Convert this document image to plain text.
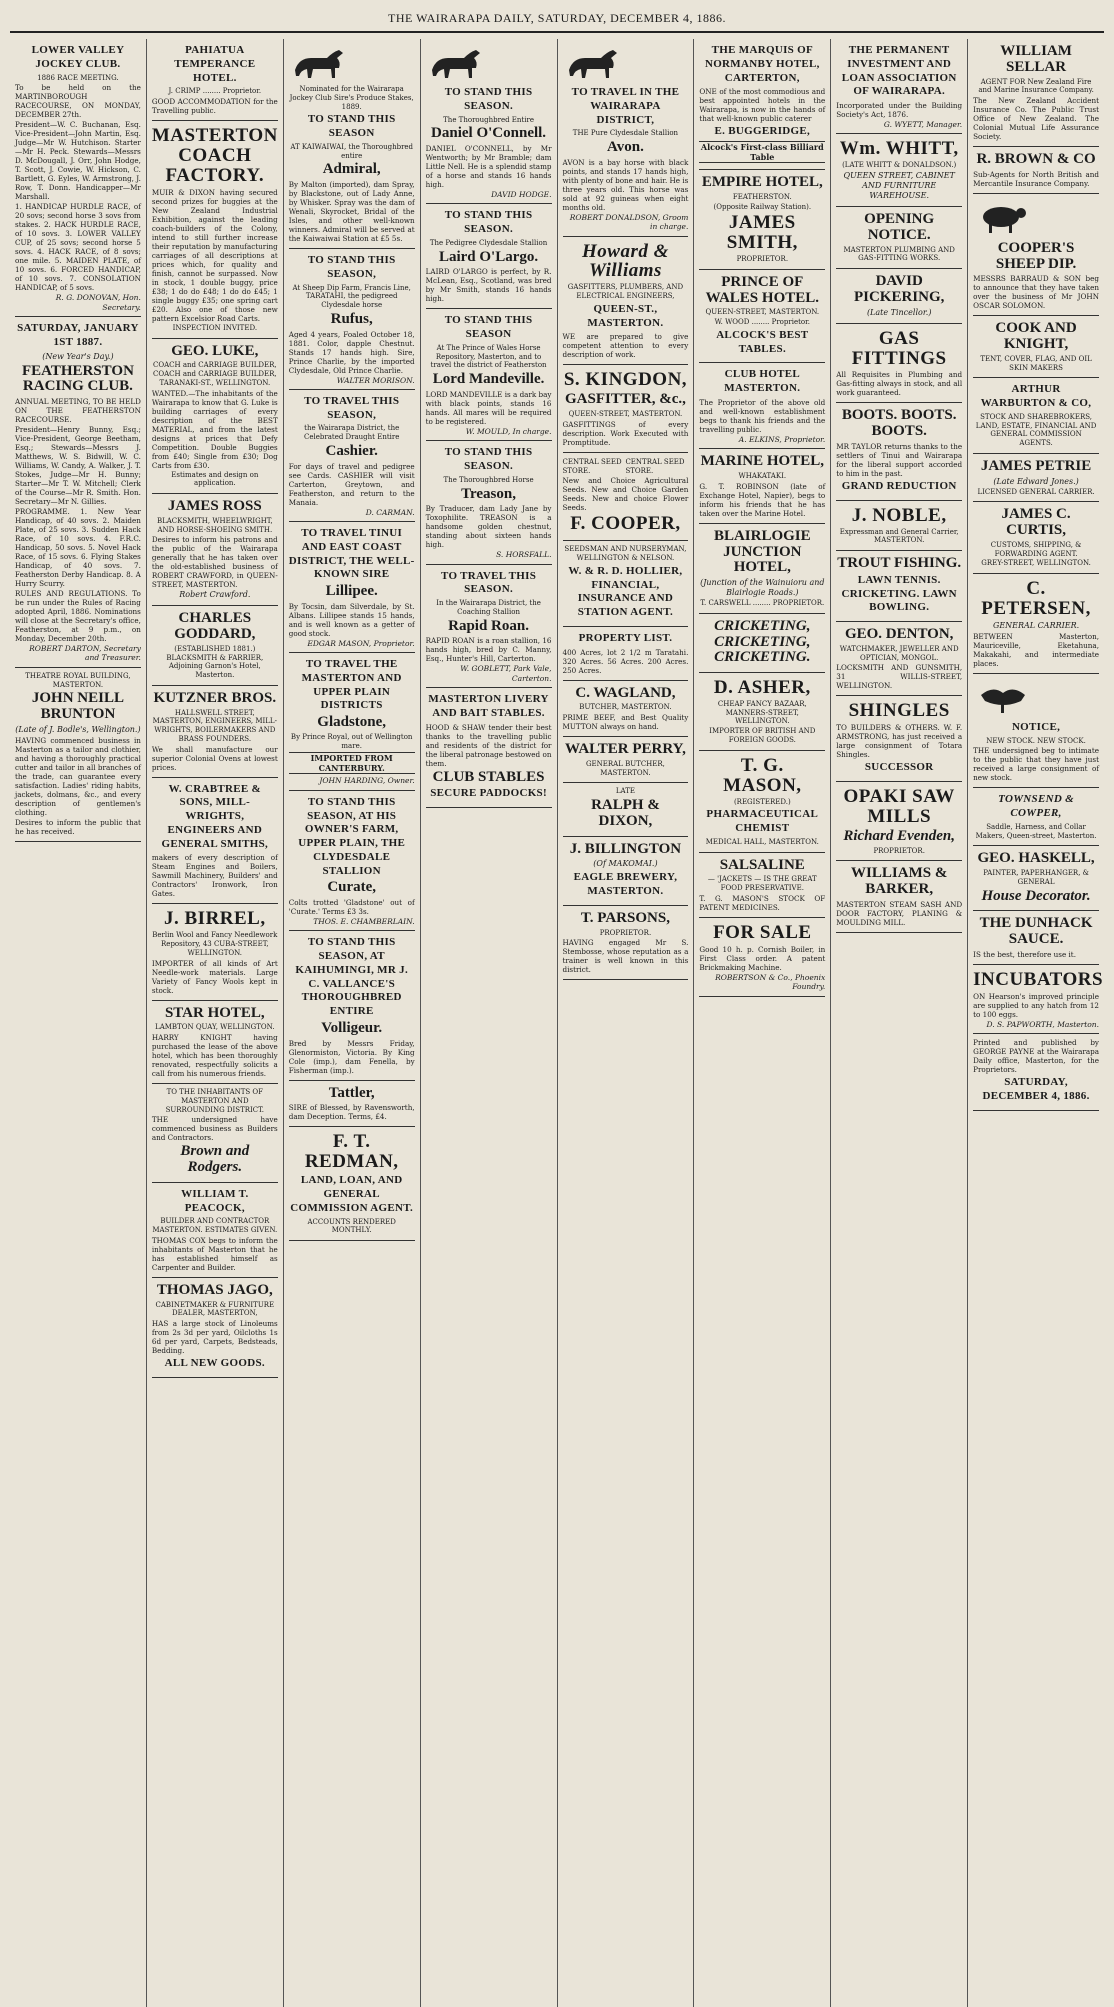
THE WAIRARAPA DAILY, SATURDAY, DECEMBER 4, 1886.
LOWER VALLEY JOCKEY CLUB.
1886 RACE MEETING.

To be held on the MARTINBOROUGH RACECOURSE, ON MONDAY, DECEMBER 27th.

President—W. C. Buchanan, Esq. Vice-President—John Martin, Esq. Judge—Mr W. Hutchison. Starter—Mr H. Peck. Stewards—Messrs D. McDougall, J. Orr, John Hodge, T. Scott, J. Cowie, W. Hickson, C. Bartlett, G. Eyles, W. Armstrong, J. Row, T. Donn. Handicapper—Mr Marshall.

1. HANDICAP HURDLE RACE, of 20 sovs; second horse 3 sovs from stakes. 2. HACK HURDLE RACE, of 10 sovs. 3. LOWER VALLEY CUP, of 25 sovs; second horse 5 sovs. 4. HACK RACE, of 8 sovs; one mile. 5. MAIDEN PLATE, of 10 sovs. 6. FORCED HANDICAP, of 10 sovs. 7. CONSOLATION HANDICAP, of 5 sovs.

R. G. DONOVAN, Hon. Secretary.
SATURDAY, JANUARY 1ST 1887.
(New Year's Day.)
FEATHERSTON RACING CLUB.

ANNUAL MEETING, TO BE HELD ON THE FEATHERSTON RACECOURSE.

President—Henry Bunny, Esq.; Vice-President, George Beetham, Esq.; Stewards—Messrs J. Matthews, W. S. Bidwill, W. C. Williams, W. Candy, A. Walker, J. T. Stokes, Judge—Mr H. Bunny; Starter—Mr T. W. Mitchell; Clerk of the Course—Mr R. Smith. Hon. Secretary—Mr N. Gillies.

PROGRAMME. 1. New Year Handicap, of 40 sovs. 2. Maiden Plate, of 25 sovs. 3. Sudden Hack Race, of 10 sovs. 4. F.R.C. Handicap, 50 sovs. 5. Novel Hack Race, of 15 sovs. 6. Flying Stakes Handicap, of 40 sovs. 7. Featherston Derby Handicap. 8. A Hurry Scurry.

RULES AND REGULATIONS. To be run under the Rules of Racing adopted April, 1886. Nominations will close at the Secretary's office, Featherston, at 9 p.m., on Monday, December 20th.

ROBERT DARTON, Secretary and Treasurer.
THEATRE ROYAL BUILDING, MASTERTON.
JOHN NEILL BRUNTON
(Late of J. Bodle's, Wellington.)

HAVING commenced business in Masterton as a tailor and clothier, and having a thoroughly practical cutter and tailor in all branches of the trade, can guarantee every satisfaction. Ladies' riding habits, jackets, dolmans, &c., and every description of gentlemen's clothing.

Desires to inform the public that he has received.

PAHIATUA TEMPERANCE HOTEL.
J. CRIMP ........ Proprietor.

GOOD ACCOMMODATION for the Travelling public.

MASTERTON COACH FACTORY.

MUIR & DIXON having secured second prizes for buggies at the New Zealand Industrial Exhibition, against the leading coach-builders of the Colony, intend to still further increase their reputation by manufacturing carriages of all descriptions at prices which, for quality and finish, cannot be surpassed. Now in stock, 1 double buggy, price £38; 1 do do £48; 1 do do £45; 1 single buggy £35; one spring cart £20. Also one of those new pattern Excelsior Road Carts.

INSPECTION INVITED.
GEO. LUKE,
COACH and CARRIAGE BUILDER, COACH and CARRIAGE BUILDER, TARANAKI-ST., WELLINGTON.

WANTED.—The inhabitants of the Wairarapa to know that G. Luke is building carriages of every description of the BEST MATERIAL, and from the latest designs at prices that Defy Competition. Double Buggies from £40; Single from £30; Dog Carts from £30.

Estimates and design on application.
JAMES ROSS
BLACKSMITH, WHEELWRIGHT, AND HORSE-SHOEING SMITH.

Desires to inform his patrons and the public of the Wairarapa generally that he has taken over the old-established business of ROBERT CRAWFORD, in QUEEN-STREET, MASTERTON.

Robert Crawford.
CHARLES GODDARD,
(ESTABLISHED 1881.) BLACKSMITH & FARRIER, Adjoining Garnon's Hotel, Masterton.
KUTZNER BROS.
HALLSWELL STREET, MASTERTON, ENGINEERS, MILL-WRIGHTS, BOILERMAKERS AND BRASS FOUNDERS.

We shall manufacture our superior Colonial Ovens at lowest prices.

W. CRABTREE & SONS, MILL-WRIGHTS, ENGINEERS AND GENERAL SMITHS,

makers of every description of Steam Engines and Boilers, Sawmill Machinery, Builders' and Contractors' Ironwork, Iron Gates.

J. BIRREL,
Berlin Wool and Fancy Needlework Repository, 43 CUBA-STREET, WELLINGTON.

IMPORTER of all kinds of Art Needle-work materials. Large Variety of Fancy Wools kept in stock.

STAR HOTEL,
LAMBTON QUAY, WELLINGTON.

HARRY KNIGHT having purchased the lease of the above hotel, which has been thoroughly renovated, respectfully solicits a call from his numerous friends.

TO THE INHABITANTS OF MASTERTON AND SURROUNDING DISTRICT.

THE undersigned have commenced business as Builders and Contractors.

Brown and Rodgers.
WILLIAM T. PEACOCK,
BUILDER AND CONTRACTOR MASTERTON. ESTIMATES GIVEN.

THOMAS COX begs to inform the inhabitants of Masterton that he has established himself as Carpenter and Builder.

THOMAS JAGO,
CABINETMAKER & FURNITURE DEALER, MASTERTON,

HAS a large stock of Linoleums from 2s 3d per yard, Oilcloths 1s 6d per yard, Carpets, Bedsteads, Bedding.

ALL NEW GOODS.
Nominated for the Wairarapa Jockey Club Sire's Produce Stakes, 1889.
TO STAND THIS SEASON
AT KAIWAIWAI, the Thoroughbred entire
Admiral,

By Malton (imported), dam Spray, by Blackstone, out of Lady Anne, by Whisker. Spray was the dam of Wenali, Skyrocket, Bridal of the Isles, and other well-known winners. Admiral will be served at the Kaiwaiwai Station at £5 5s.

TO STAND THIS SEASON,
At Sheep Dip Farm, Francis Line, TARATAHI, the pedigreed Clydesdale horse
Rufus,

Aged 4 years, Foaled October 18, 1881. Color, dapple Chestnut. Stands 17 hands high. Sire, Prince Charlie, by the imported Clydesdale, Old Prince Charlie.

WALTER MORISON.
TO TRAVEL THIS SEASON,
the Wairarapa District, the Celebrated Draught Entire
Cashier.

For days of travel and pedigree see Cards. CASHIER will visit Carterton, Greytown, and Featherston, and return to the Manaia.

D. CARMAN.
TO TRAVEL TINUI AND EAST COAST DISTRICT, THE WELL-KNOWN SIRE
Lillipee.

By Tocsin, dam Silverdale, by St. Albans. Lillipee stands 15 hands, and is well known as a getter of good stock.

EDGAR MASON, Proprietor.
TO TRAVEL THE MASTERTON AND UPPER PLAIN DISTRICTS
Gladstone,
By Prince Royal, out of Wellington mare.
IMPORTED FROM CANTERBURY.
JOHN HARDING, Owner.
TO STAND THIS SEASON, AT HIS OWNER'S FARM, UPPER PLAIN, THE CLYDESDALE STALLION
Curate,

Colts trotted 'Gladstone' out of 'Curate.' Terms £3 3s.

THOS. E. CHAMBERLAIN.
TO STAND THIS SEASON, AT KAIHUMINGI, MR J. C. VALLANCE'S THOROUGHBRED ENTIRE
Volligeur.

Bred by Messrs Friday, Glenormiston, Victoria. By King Cole (imp.), dam Fenella, by Fisherman (imp.).

Tattler,

SIRE of Blessed, by Ravensworth, dam Deception. Terms, £4.

F. T. REDMAN,
LAND, LOAN, AND GENERAL COMMISSION AGENT.
ACCOUNTS RENDERED MONTHLY.
TO STAND THIS SEASON.
The Thoroughbred Entire
Daniel O'Connell.

DANIEL O'CONNELL, by Mr Wentworth; by Mr Bramble; dam Little Nell. He is a splendid stamp of a horse and stands 16 hands high.

DAVID HODGE.
TO STAND THIS SEASON.
The Pedigree Clydesdale Stallion
Laird O'Largo.

LAIRD O'LARGO is perfect, by R. McLean, Esq., Scotland, was bred by Mr Smith, stands 16 hands high.

TO STAND THIS SEASON
At The Prince of Wales Horse Repository, Masterton, and to travel the district of Featherston
Lord Mandeville.

LORD MANDEVILLE is a dark bay with black points, stands 16 hands. All mares will be required to be registered.

W. MOULD, In charge.
TO STAND THIS SEASON.
The Thoroughbred Horse
Treason,

By Traducer, dam Lady Jane by Toxophilite. TREASON is a handsome golden chestnut, standing about sixteen hands high.

S. HORSFALL.
TO TRAVEL THIS SEASON.
In the Wairarapa District, the Coaching Stallion
Rapid Roan.

RAPID ROAN is a roan stallion, 16 hands high, bred by C. Manny, Esq., Hunter's Hill, Carterton.

W. GOBLETT, Park Vale, Carterton.
MASTERTON LIVERY AND BAIT STABLES.

HOOD & SHAW tender their best thanks to the travelling public and residents of the district for the liberal patronage bestowed on them.

CLUB STABLES
SECURE PADDOCKS!
TO TRAVEL IN THE WAIRARAPA DISTRICT,
THE Pure Clydesdale Stallion
Avon.

AVON is a bay horse with black points, and stands 17 hands high, with plenty of bone and hair. He is three years old. This horse was sold at 92 guineas when eight months old.

ROBERT DONALDSON, Groom in charge.
Howard & Williams
GASFITTERS, PLUMBERS, AND ELECTRICAL ENGINEERS,
QUEEN-ST., MASTERTON.

WE are prepared to give competent attention to every description of work.

S. KINGDON,
GASFITTER, &c.,
QUEEN-STREET, MASTERTON.

GASFITTINGS of every description. Work Executed with Promptitude.

CENTRAL SEED STORE.
CENTRAL SEED STORE.

New and Choice Agricultural Seeds. New and Choice Garden Seeds. New and choice Flower Seeds.

F. COOPER,
SEEDSMAN AND NURSERYMAN, WELLINGTON & NELSON.
W. & R. D. HOLLIER, FINANCIAL, INSURANCE AND STATION AGENT.
PROPERTY LIST.

400 Acres, lot 2 1/2 m Taratahi. 320 Acres. 56 Acres. 200 Acres. 250 Acres.

C. WAGLAND,
BUTCHER, MASTERTON.

PRIME BEEF, and Best Quality MUTTON always on hand.

WALTER PERRY,
GENERAL BUTCHER, MASTERTON.
LATE
RALPH & DIXON,
J. BILLINGTON
(Of MAKOMAI.)
EAGLE BREWERY, MASTERTON.
T. PARSONS,
PROPRIETOR.

HAVING engaged Mr S. Stembosse, whose reputation as a trainer is well known in this district.

THE MARQUIS OF NORMANBY HOTEL, CARTERTON,

ONE of the most commodious and best appointed hotels in the Wairarapa, is now in the hands of that well-known public caterer

E. BUGGERIDGE,
Alcock's First-class Billiard Table
EMPIRE HOTEL,
FEATHERSTON.
(Opposite Railway Station).
JAMES SMITH,
PROPRIETOR.
PRINCE OF WALES HOTEL.
QUEEN-STREET, MASTERTON.
W. WOOD ........ Proprietor.
ALCOCK'S BEST TABLES.
CLUB HOTEL MASTERTON.

The Proprietor of the above old and well-known establishment begs to thank his friends and the travelling public.

A. ELKINS, Proprietor.
MARINE HOTEL,
WHAKATAKI.

G. T. ROBINSON (late of Exchange Hotel, Napier), begs to inform his friends that he has taken over the Marine Hotel.

BLAIRLOGIE JUNCTION HOTEL,
(Junction of the Wainuioru and Blairlogie Roads.)
T. CARSWELL ........ PROPRIETOR.
CRICKETING, CRICKETING, CRICKETING.
D. ASHER,
CHEAP FANCY BAZAAR, MANNERS-STREET, WELLINGTON.
IMPORTER OF BRITISH AND FOREIGN GOODS.
T. G. MASON,
(REGISTERED.)
PHARMACEUTICAL CHEMIST
MEDICAL HALL, MASTERTON.
SALSALINE
— 'JACKETS — IS THE GREAT FOOD PRESERVATIVE.

T. G. MASON'S STOCK OF PATENT MEDICINES.

FOR SALE

Good 10 h. p. Cornish Boiler, in First Class order. A patent Brickmaking Machine.

ROBERTSON & Co., Phoenix Foundry.
THE PERMANENT INVESTMENT AND LOAN ASSOCIATION OF WAIRARAPA.

Incorporated under the Building Society's Act, 1876.

G. WYETT, Manager.
Wm. WHITT,
(LATE WHITT & DONALDSON.)
QUEEN STREET, CABINET AND FURNITURE WAREHOUSE.
OPENING NOTICE.
MASTERTON PLUMBING AND GAS-FITTING WORKS.
DAVID PICKERING,
(Late Tincellor.)
GAS FITTINGS

All Requisites in Plumbing and Gas-fitting always in stock, and all work guaranteed.

BOOTS. BOOTS. BOOTS.

MR TAYLOR returns thanks to the settlers of Tinui and Wairarapa for the liberal support accorded to him in the past.

GRAND REDUCTION
J. NOBLE,
Expressman and General Carrier, MASTERTON.
TROUT FISHING.
LAWN TENNIS. CRICKETING. LAWN BOWLING.
GEO. DENTON,
WATCHMAKER, JEWELLER AND OPTICIAN, MONGOL.

LOCKSMITH AND GUNSMITH, 31 WILLIS-STREET, WELLINGTON.

SHINGLES

TO BUILDERS & OTHERS. W. F. ARMSTRONG, has just received a large consignment of Totara Shingles.

SUCCESSOR
OPAKI SAW MILLS
Richard Evenden,
PROPRIETOR.
WILLIAMS & BARKER,

MASTERTON STEAM SASH AND DOOR FACTORY, PLANING & MOULDING MILL.

WILLIAM SELLAR
AGENT FOR New Zealand Fire and Marine Insurance Company.

The New Zealand Accident Insurance Co. The Public Trust Office of New Zealand. The Colonial Mutual Life Assurance Society.

R. BROWN & CO

Sub-Agents for North British and Mercantile Insurance Company.

COOPER'S SHEEP DIP.

MESSRS BARRAUD & SON beg to announce that they have taken over the business of Mr JOHN OSCAR SOLOMON.

COOK AND KNIGHT,
TENT, COVER, FLAG, AND OIL SKIN MAKERS
ARTHUR WARBURTON & CO,
STOCK AND SHAREBROKERS, LAND, ESTATE, FINANCIAL AND GENERAL COMMISSION AGENTS.
JAMES PETRIE
(Late Edward Jones.)
LICENSED GENERAL CARRIER.
JAMES C. CURTIS,
CUSTOMS, SHIPPING, & FORWARDING AGENT.
GREY-STREET, WELLINGTON.
C. PETERSEN,
GENERAL CARRIER.

BETWEEN Masterton, Mauriceville, Eketahuna, Makakahi, and intermediate places.

NOTICE,
NEW STOCK. NEW STOCK.

THE undersigned beg to intimate to the public that they have just received a large consignment of new stock.

TOWNSEND & COWPER,
Saddle, Harness, and Collar Makers, Queen-street, Masterton.
GEO. HASKELL,
PAINTER, PAPERHANGER, & GENERAL
House Decorator.
THE DUNHACK SAUCE.

IS the best, therefore use it.

INCUBATORS

ON Hearson's improved principle are supplied to any hatch from 12 to 100 eggs.

D. S. PAPWORTH, Masterton.

Printed and published by GEORGE PAYNE at the Wairarapa Daily office, Masterton, for the Proprietors.

SATURDAY, DECEMBER 4, 1886.
